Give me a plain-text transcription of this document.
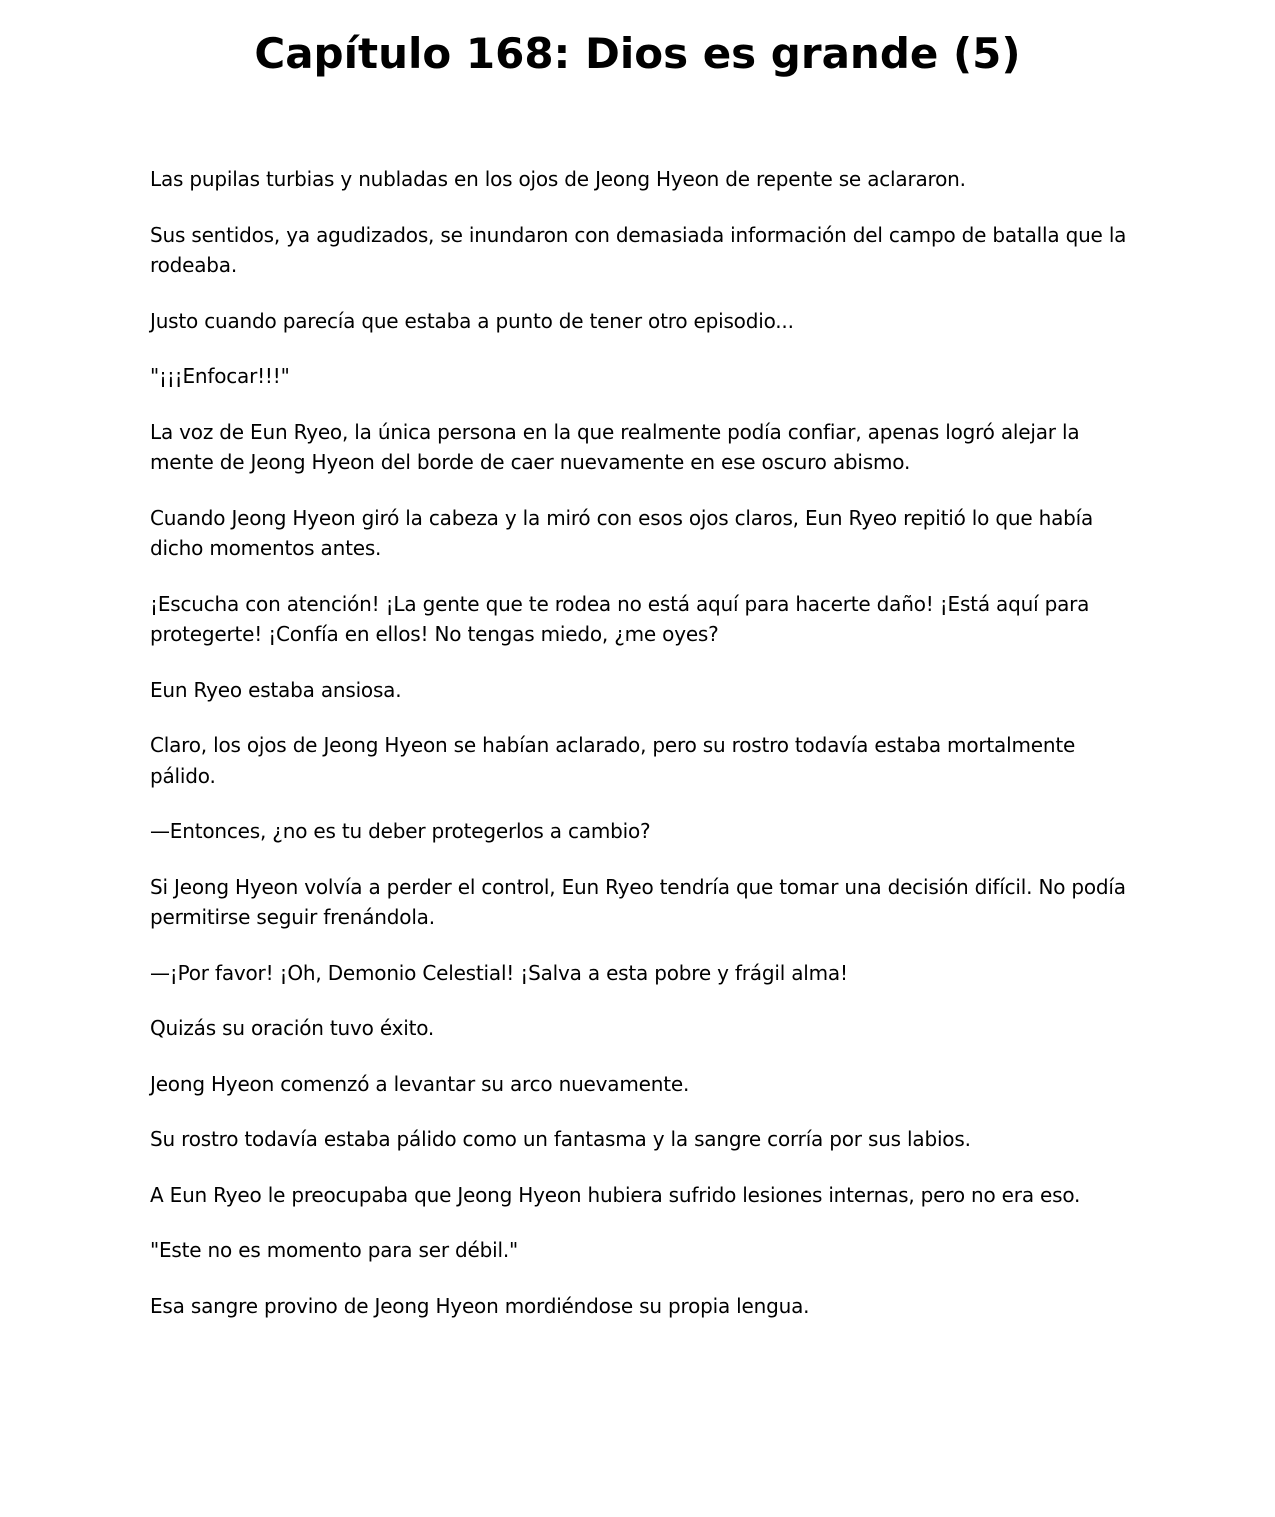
Capítulo 168: Dios es grande (5)

Las pupilas turbias y nubladas en los ojos de Jeong Hyeon de repente se aclararon.

Sus sentidos, ya agudizados, se inundaron con demasiada información del campo de batalla que la rodeaba.

Justo cuando parecía que estaba a punto de tener otro episodio...

"¡¡¡Enfocar!!!"

La voz de Eun Ryeo, la única persona en la que realmente podía confiar, apenas logró alejar la mente de Jeong Hyeon del borde de caer nuevamente en ese oscuro abismo.

Cuando Jeong Hyeon giró la cabeza y la miró con esos ojos claros, Eun Ryeo repitió lo que había dicho momentos antes.

¡Escucha con atención! ¡La gente que te rodea no está aquí para hacerte daño! ¡Está aquí para protegerte! ¡Confía en ellos! No tengas miedo, ¿me oyes?

Eun Ryeo estaba ansiosa.

Claro, los ojos de Jeong Hyeon se habían aclarado, pero su rostro todavía estaba mortalmente pálido.

—Entonces, ¿no es tu deber protegerlos a cambio?

Si Jeong Hyeon volvía a perder el control, Eun Ryeo tendría que tomar una decisión difícil. No podía permitirse seguir frenándola.

—¡Por favor! ¡Oh, Demonio Celestial! ¡Salva a esta pobre y frágil alma!

Quizás su oración tuvo éxito.

Jeong Hyeon comenzó a levantar su arco nuevamente.

Su rostro todavía estaba pálido como un fantasma y la sangre corría por sus labios.

A Eun Ryeo le preocupaba que Jeong Hyeon hubiera sufrido lesiones internas, pero no era eso.

"Este no es momento para ser débil."

Esa sangre provino de Jeong Hyeon mordiéndose su propia lengua.
